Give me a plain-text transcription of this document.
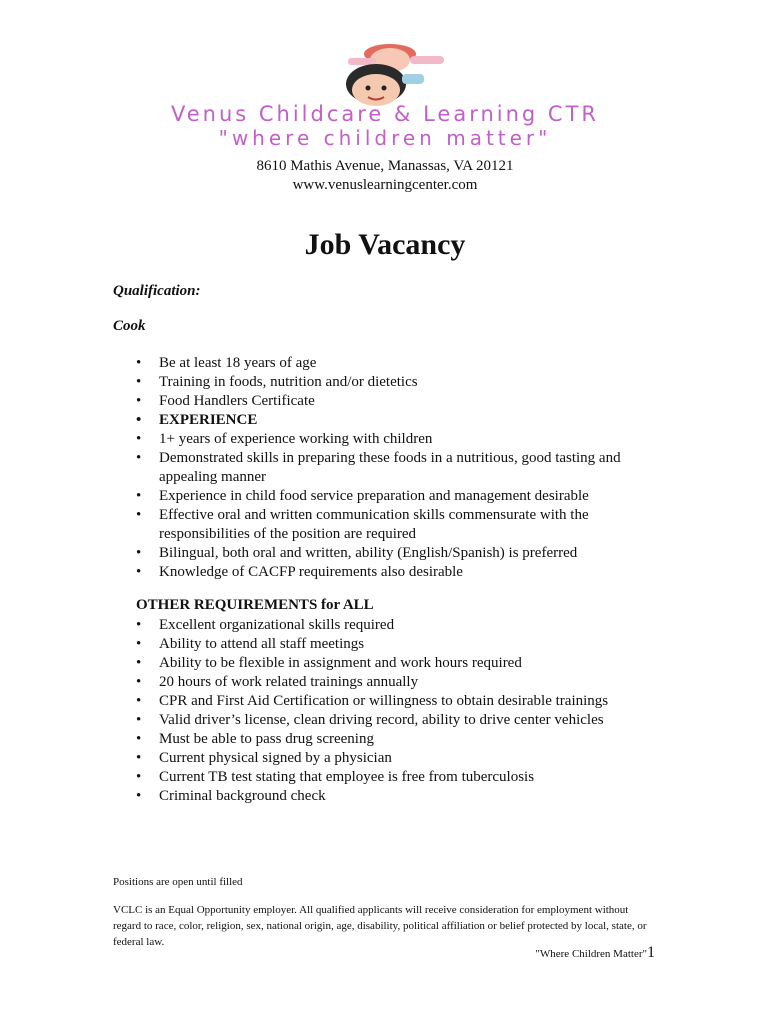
Venus Childcare & Learning CTR
"where children matter"
8610 Mathis Avenue, Manassas, VA 20121
www.venuslearningcenter.com
Job Vacancy
Qualification:
Cook
• Be at least 18 years of age
• Training in foods, nutrition and/or dietetics
• Food Handlers Certificate
• EXPERIENCE
• 1+ years of experience working with children
• Demonstrated skills in preparing these foods in a nutritious, good tasting and appealing manner
• Experience in child food service preparation and management desirable
• Effective oral and written communication skills commensurate with the responsibilities of the position are required
• Bilingual, both oral and written, ability (English/Spanish) is preferred
• Knowledge of CACFP requirements also desirable
OTHER REQUIREMENTS for ALL
• Excellent organizational skills required
• Ability to attend all staff meetings
• Ability to be flexible in assignment and work hours required
• 20 hours of work related trainings annually
• CPR and First Aid Certification or willingness to obtain desirable trainings
• Valid driver’s license, clean driving record, ability to drive center vehicles
• Must be able to pass drug screening
• Current physical signed by a physician
• Current TB test stating that employee is free from tuberculosis
• Criminal background check
Positions are open until filled
VCLC is an Equal Opportunity employer. All qualified applicants will receive consideration for employment without regard to race, color, religion, sex, national origin, age, disability, political affiliation or belief protected by local, state, or federal law.
"Where Children Matter"1
